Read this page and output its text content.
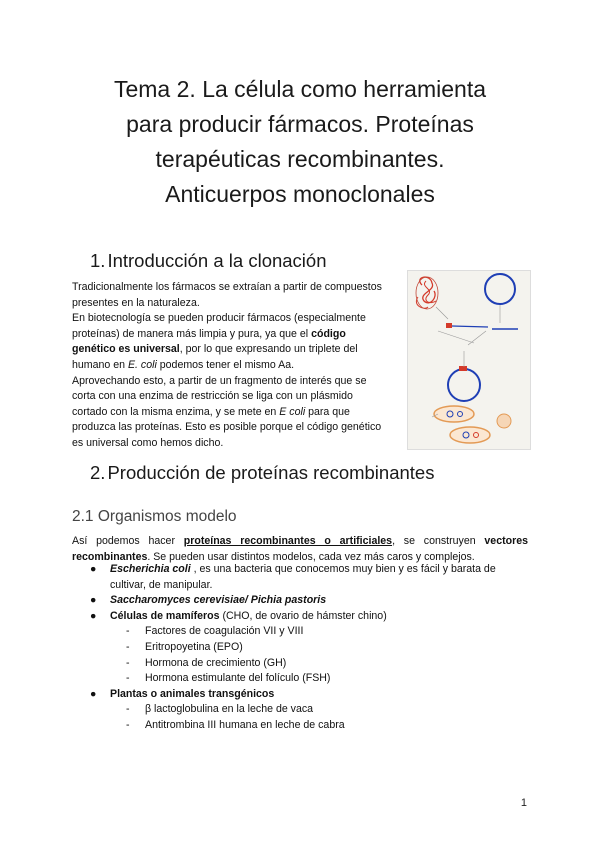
Tema 2. La célula como herramienta
para producir fármacos. Proteínas
terapéuticas recombinantes.
Anticuerpos monoclonales
1. Introducción a la clonación

Tradicionalmente los fármacos se extraían a partir de compuestos
presentes en la naturaleza.
En biotecnología se pueden producir fármacos (especialmente
proteínas) de manera más limpia y pura, ya que el código
genético es universal, por lo que expresando un triplete del
humano en E. coli podemos tener el mismo Aa.
Aprovechando esto, a partir de un fragmento de interés que se
corta con una enzima de restricción se liga con un plásmido
cortado con la misma enzima, y se mete en E coli para que
produzca las proteínas. Esto es posible porque el código genético
es universal como hemos dicho.

2. Producción de proteínas recombinantes
2.1 Organismos modelo

Así podemos hacer proteínas recombinantes o artificiales, se construyen vectores recombinantes. Se pueden usar distintos modelos, cada vez más caros y complejos.

●	Escherichia coli , es una bacteria que conocemos muy bien y es fácil y barata de cultivar, de manipular.
●	Saccharomyces cerevisiae/ Pichia pastoris
●	Células de mamíferos (CHO, de ovario de hámster chino)
- Factores de coagulación VII y VIII
- Eritropoyetina (EPO)
- Hormona de crecimiento (GH)
- Hormona estimulante del folículo (FSH)
●	Plantas o animales transgénicos
- β lactoglobulina en la leche de vaca
- Antitrombina III humana en leche de cabra
1
